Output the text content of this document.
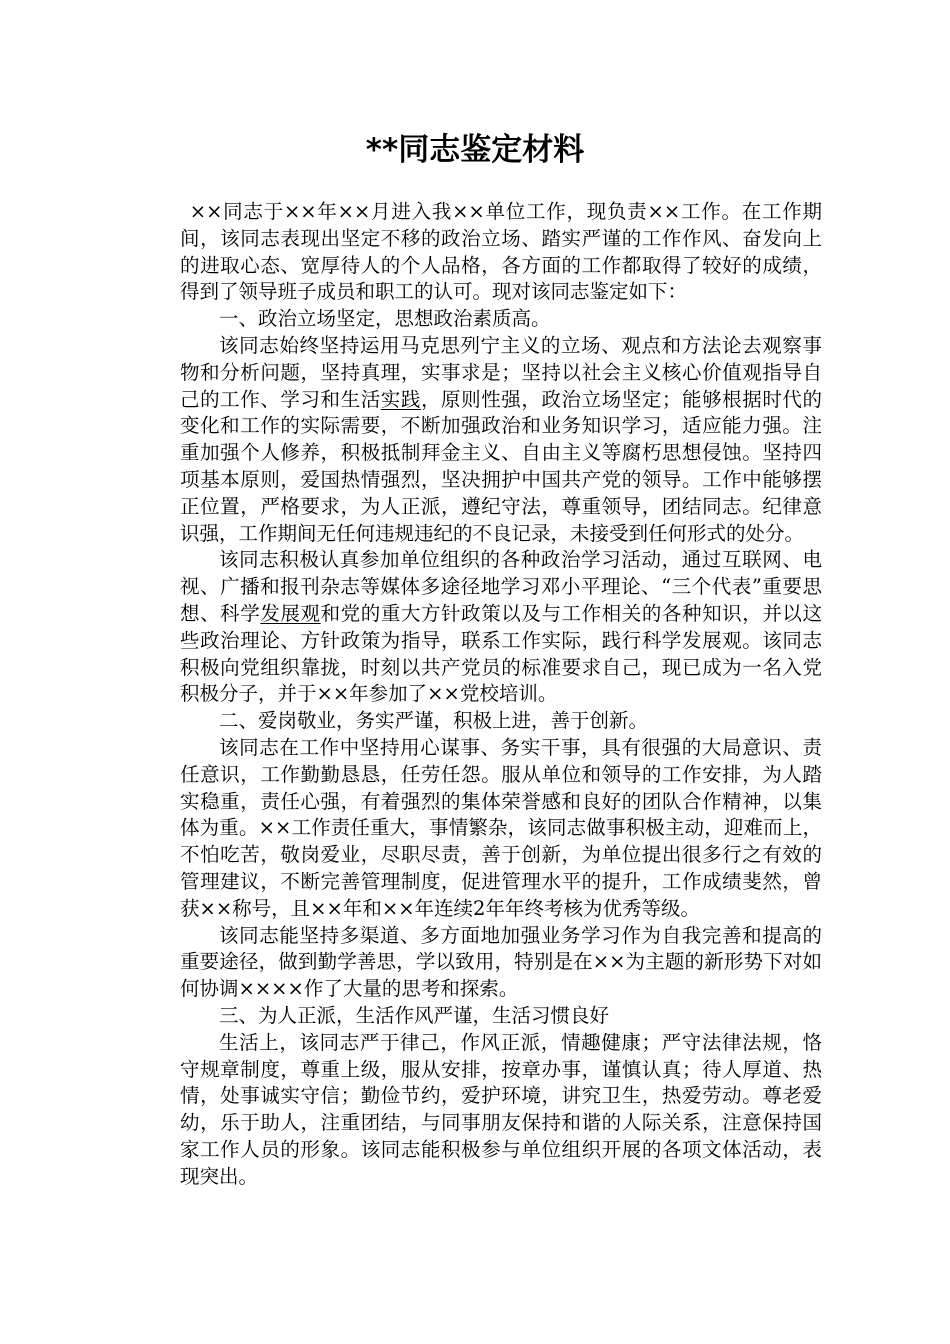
**同志鉴定材料

××同志于××年××月进入我××单位工作，现负责××工作。在工作期间，该同志表现出坚定不移的政治立场、踏实严谨的工作作风、奋发向上的进取心态、宽厚待人的个人品格，各方面的工作都取得了较好的成绩，得到了领导班子成员和职工的认可。现对该同志鉴定如下：

一、政治立场坚定，思想政治素质高。

该同志始终坚持运用马克思列宁主义的立场、观点和方法论去观察事物和分析问题，坚持真理，实事求是；坚持以社会主义核心价值观指导自己的工作、学习和生活实践，原则性强，政治立场坚定；能够根据时代的变化和工作的实际需要，不断加强政治和业务知识学习，适应能力强。注重加强个人修养，积极抵制拜金主义、自由主义等腐朽思想侵蚀。坚持四项基本原则，爱国热情强烈，坚决拥护中国共产党的领导。工作中能够摆正位置，严格要求，为人正派，遵纪守法，尊重领导，团结同志。纪律意识强，工作期间无任何违规违纪的不良记录，未接受到任何形式的处分。

该同志积极认真参加单位组织的各种政治学习活动，通过互联网、电视、广播和报刊杂志等媒体多途径地学习邓小平理论、“三个代表”重要思想、科学发展观和党的重大方针政策以及与工作相关的各种知识，并以这些政治理论、方针政策为指导，联系工作实际，践行科学发展观。该同志积极向党组织靠拢，时刻以共产党员的标准要求自己，现已成为一名入党积极分子，并于××年参加了××党校培训。

二、爱岗敬业，务实严谨，积极上进，善于创新。

该同志在工作中坚持用心谋事、务实干事，具有很强的大局意识、责任意识，工作勤勤恳恳，任劳任怨。服从单位和领导的工作安排，为人踏实稳重，责任心强，有着强烈的集体荣誉感和良好的团队合作精神，以集体为重。××工作责任重大，事情繁杂，该同志做事积极主动，迎难而上，不怕吃苦，敬岗爱业，尽职尽责，善于创新，为单位提出很多行之有效的管理建议，不断完善管理制度，促进管理水平的提升，工作成绩斐然，曾获××称号，且××年和××年连续2年年终考核为优秀等级。

该同志能坚持多渠道、多方面地加强业务学习作为自我完善和提高的重要途径，做到勤学善思，学以致用，特别是在××为主题的新形势下对如何协调××××作了大量的思考和探索。

三、为人正派，生活作风严谨，生活习惯良好

生活上，该同志严于律己，作风正派，情趣健康；严守法律法规，恪守规章制度，尊重上级，服从安排，按章办事，谨慎认真；待人厚道、热情，处事诚实守信；勤俭节约，爱护环境，讲究卫生，热爱劳动。尊老爱幼，乐于助人，注重团结，与同事朋友保持和谐的人际关系，注意保持国家工作人员的形象。该同志能积极参与单位组织开展的各项文体活动，表现突出。
